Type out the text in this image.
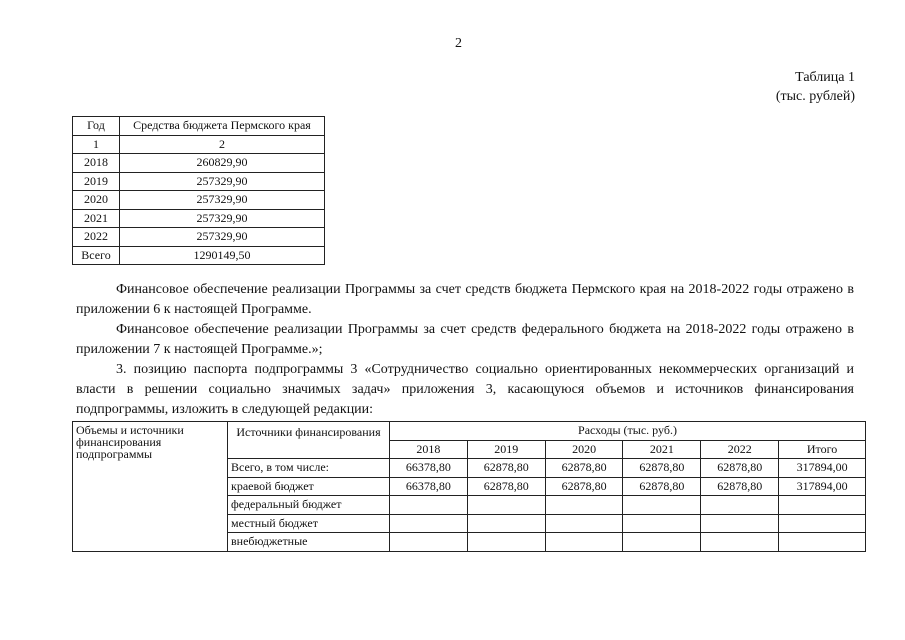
2
Таблица 1
(тыс. рублей)
Год	Средства бюджета Пермского края
1	2
2018	260829,90
2019	257329,90
2020	257329,90
2021	257329,90
2022	257329,90
Всего	1290149,50

Финансовое обеспечение реализации Программы за счет средств бюджета Пермского края на 2018-2022 годы отражено в приложении 6 к настоящей Программе.

Финансовое обеспечение реализации Программы за счет средств федерального бюджета на 2018-2022 годы отражено в приложении 7 к настоящей Программе.»;

3. позицию паспорта подпрограммы 3 «Сотрудничество социально ориентированных некоммерческих организаций и власти в решении социально значимых задач» приложения 3, касающуюся объемов и источников финансирования подпрограммы, изложить в следующей редакции:

Объемы и источники финансирования подпрограммы	Источники финансирования	Расходы (тыс. руб.)					
		2018	2019	2020	2021	2022	Итого
	Всего, в том числе:	66378,80	62878,80	62878,80	62878,80	62878,80	317894,00
	краевой бюджет	66378,80	62878,80	62878,80	62878,80	62878,80	317894,00
	федеральный бюджет						
	местный бюджет						
	внебюджетные						
